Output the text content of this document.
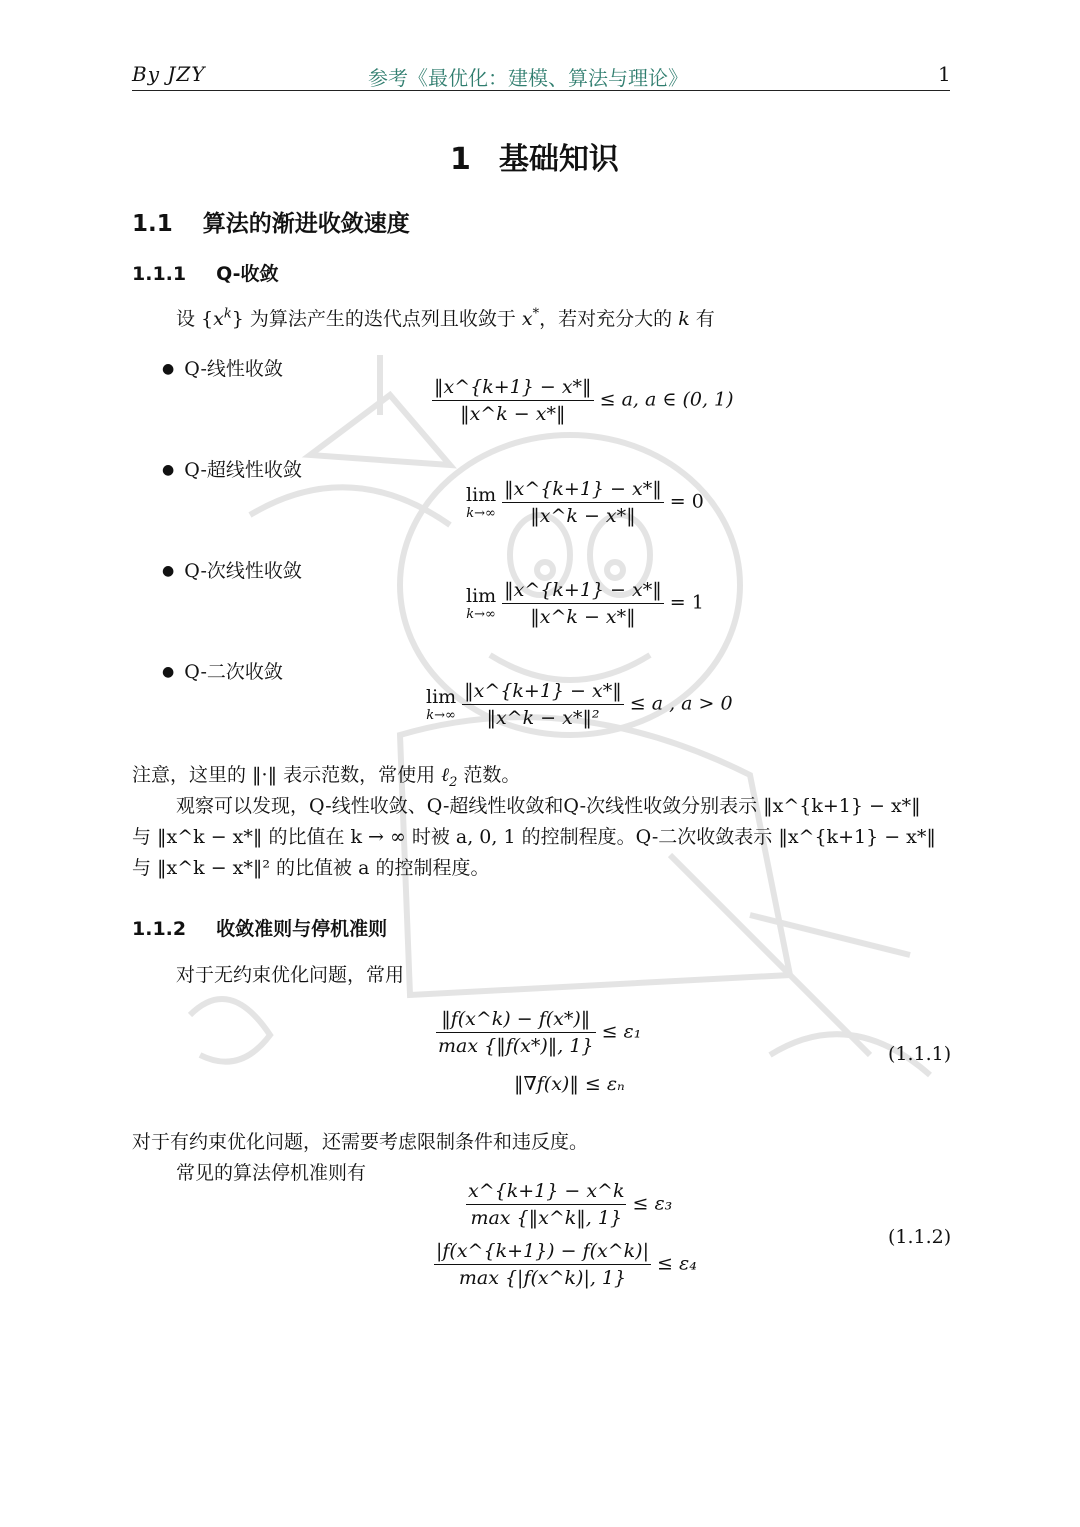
By JZY	参考《最优化：建模、算法与理论》	1
1 基础知识
1.1 算法的渐进收敛速度
1.1.1 Q-收敛
设 $\{x^k\}$ 为算法产生的迭代点列且收敛于 x*，若对充分大的 k 有
● Q-线性收敛
$\frac{‖x\^{}\{k+1\} - x*‖}{‖x\^{}k - x*‖} \le a$, a ∈ (0, 1)
● Q-超线性收敛
lim
$k\to\infty \frac{‖x\^{}\{k+1\} - x*‖}{‖x\^{}k - x*‖} = 0$
● Q-次线性收敛
lim
$k\to\infty \frac{‖x\^{}\{k+1\} - x*‖}{‖x\^{}k - x*‖} = 1$
● Q-二次收敛
lim
$k\to\infty \frac{‖x\^{}\{k+1\} - x*‖}{\text{‖x\textasciicircum{}k − x*‖²}} \le a$ , a > 0
注意，这里的 ‖·‖ 表示范数，常使用 ℓ$_2$ 范数。
观察可以发现，Q-线性收敛、Q-超线性收敛和Q-次线性收敛分别表示 ‖x^{k+1} − x*‖
与 ‖x^k − x*‖ 的比值在 k → ∞ 时被 a, 0, 1 的控制程度。Q-二次收敛表示 ‖x^{k+1} − x*‖
与 ‖x^k − x*‖² 的比值被 a 的控制程度。
1.1.2 收敛准则与停机准则
对于无约束优化问题，常用
$\frac{‖f(x\^{}k) - f(x*)‖}{\max \{‖f(x*)‖, 1\}} \le \varepsilon_1$
‖∇f(x)‖ ≤ εₙ
(1.1.1)
对于有约束优化问题，还需要考虑限制条件和违反度。
常见的算法停机准则有
$\frac{x\^{}\{k+1\} - x\^{}k}{\max \{‖x\^{}k‖, 1\}} \le \varepsilon_3$
$\frac{|f(x\^{}\{k+1\}) - f(x\^{}k)|}{\max \{|f(x\^{}k)|, 1\}} \le \varepsilon_4$
(1.1.2)
